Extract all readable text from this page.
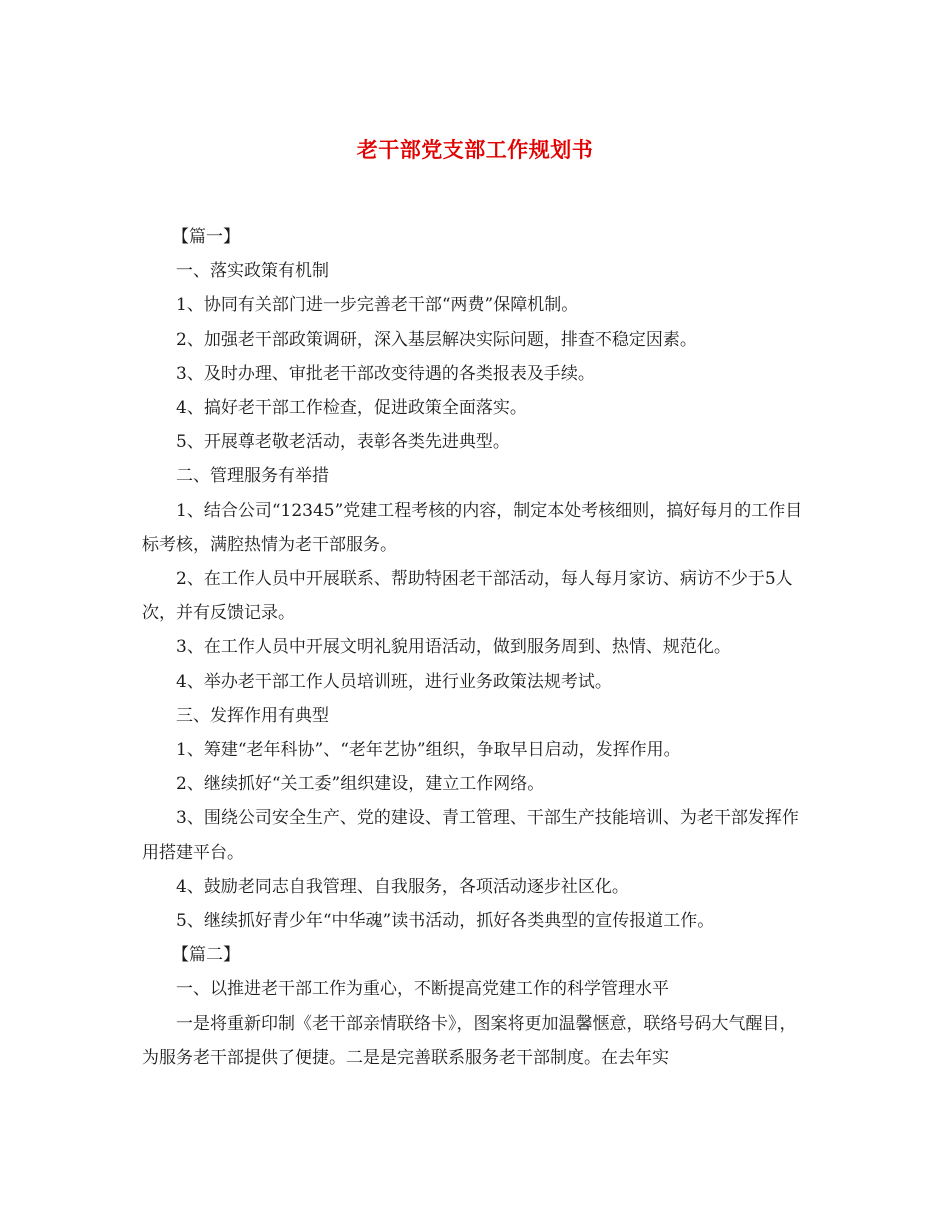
老干部党支部工作规划书

【篇一】

一、落实政策有机制

1、协同有关部门进一步完善老干部“两费”保障机制。

2、加强老干部政策调研，深入基层解决实际问题，排查不稳定因素。

3、及时办理、审批老干部改变待遇的各类报表及手续。

4、搞好老干部工作检查，促进政策全面落实。

5、开展尊老敬老活动，表彰各类先进典型。

二、管理服务有举措

1、结合公司“12345”党建工程考核的内容，制定本处考核细则，搞好每月的工作目标考核，满腔热情为老干部服务。

2、在工作人员中开展联系、帮助特困老干部活动，每人每月家访、病访不少于5人次，并有反馈记录。

3、在工作人员中开展文明礼貌用语活动，做到服务周到、热情、规范化。

4、举办老干部工作人员培训班，进行业务政策法规考试。

三、发挥作用有典型

1、筹建“老年科协”、“老年艺协”组织，争取早日启动，发挥作用。

2、继续抓好“关工委”组织建设，建立工作网络。

3、围绕公司安全生产、党的建设、青工管理、干部生产技能培训、为老干部发挥作用搭建平台。

4、鼓励老同志自我管理、自我服务，各项活动逐步社区化。

5、继续抓好青少年“中华魂”读书活动，抓好各类典型的宣传报道工作。

【篇二】

一、以推进老干部工作为重心，不断提高党建工作的科学管理水平

一是将重新印制《老干部亲情联络卡》，图案将更加温馨惬意，联络号码大气醒目，为服务老干部提供了便捷。二是是完善联系服务老干部制度。在去年实
